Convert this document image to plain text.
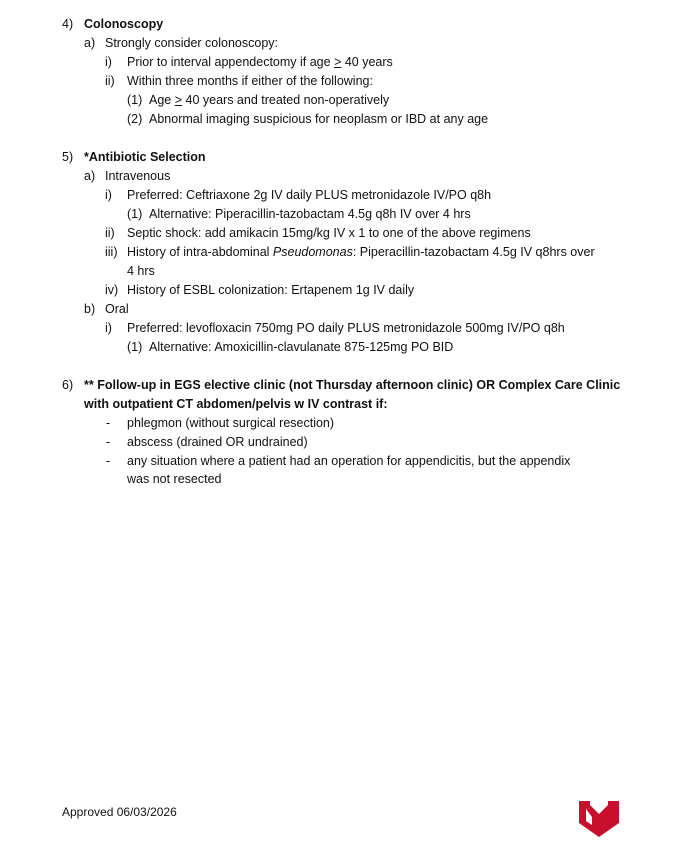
4) Colonoscopy
a) Strongly consider colonoscopy:
i) Prior to interval appendectomy if age > 40 years
ii) Within three months if either of the following:
(1) Age > 40 years and treated non-operatively
(2) Abnormal imaging suspicious for neoplasm or IBD at any age
5) *Antibiotic Selection
a) Intravenous
i) Preferred: Ceftriaxone 2g IV daily PLUS metronidazole IV/PO q8h
(1) Alternative: Piperacillin-tazobactam 4.5g q8h IV over 4 hrs
ii) Septic shock: add amikacin 15mg/kg IV x 1 to one of the above regimens
iii) History of intra-abdominal Pseudomonas: Piperacillin-tazobactam 4.5g IV q8hrs over
4 hrs
iv) History of ESBL colonization: Ertapenem 1g IV daily
b) Oral
i) Preferred: levofloxacin 750mg PO daily PLUS metronidazole 500mg IV/PO q8h
(1) Alternative: Amoxicillin-clavulanate 875-125mg PO BID
6) ** Follow-up in EGS elective clinic (not Thursday afternoon clinic) OR Complex Care Clinic
with outpatient CT abdomen/pelvis w IV contrast if:
- phlegmon (without surgical resection)
- abscess (drained OR undrained)
- any situation where a patient had an operation for appendicitis, but the appendix
was not resected
Approved 06/03/2026
